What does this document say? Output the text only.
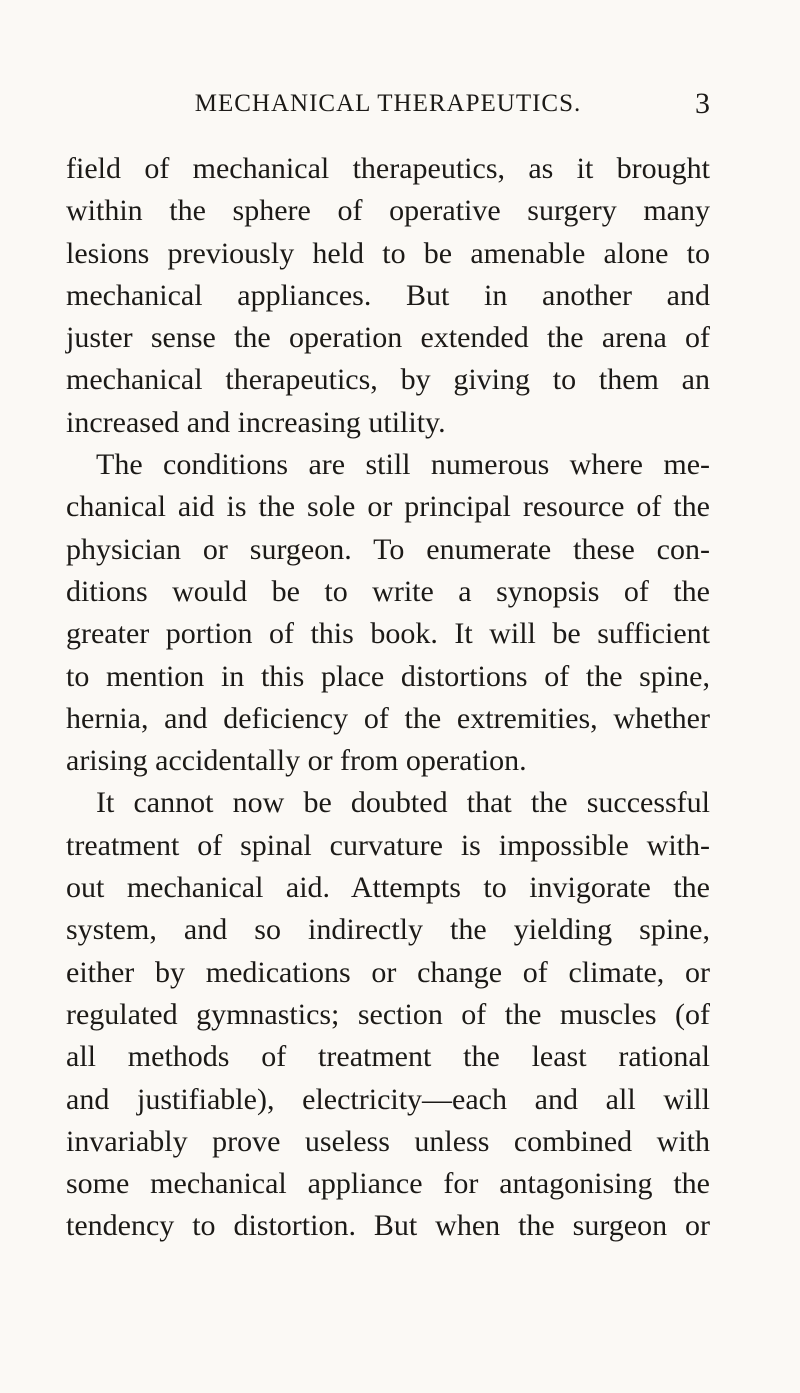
MECHANICAL THERAPEUTICS.	3
field of mechanical therapeutics, as it brought
within the sphere of operative surgery many
lesions previously held to be amenable alone to
mechanical appliances. But in another and
juster sense the operation extended the arena of
mechanical therapeutics, by giving to them an
increased and increasing utility.
The conditions are still numerous where me-
chanical aid is the sole or principal resource of the
physician or surgeon. To enumerate these con-
ditions would be to write a synopsis of the
greater portion of this book. It will be sufficient
to mention in this place distortions of the spine,
hernia, and deficiency of the extremities, whether
arising accidentally or from operation.
It cannot now be doubted that the successful
treatment of spinal curvature is impossible with-
out mechanical aid. Attempts to invigorate the
system, and so indirectly the yielding spine,
either by medications or change of climate, or
regulated gymnastics; section of the muscles (of
all methods of treatment the least rational
and justifiable), electricity—each and all will
invariably prove useless unless combined with
some mechanical appliance for antagonising the
tendency to distortion. But when the surgeon or
